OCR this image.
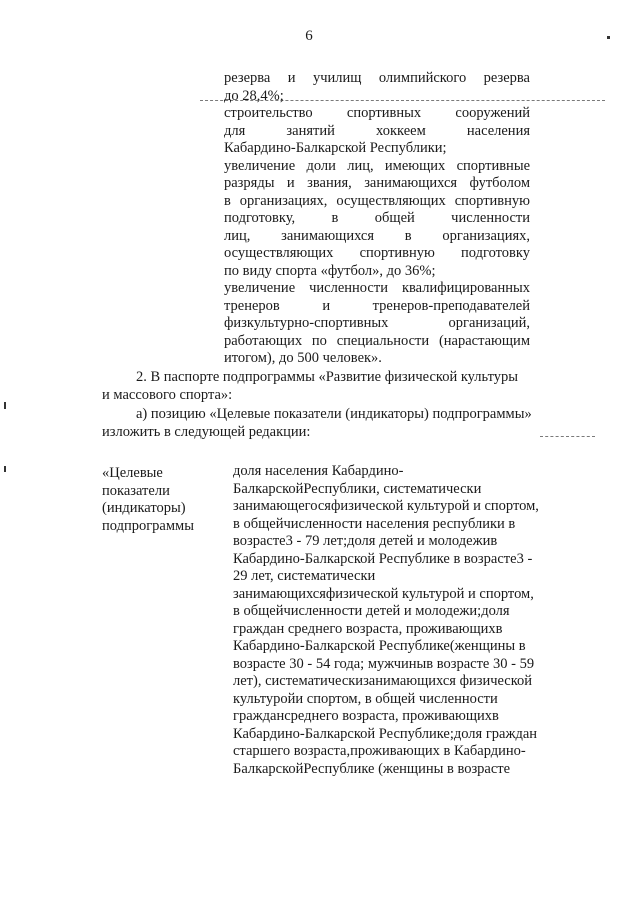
6
резерва и училищ олимпийского резерва
до 28,4%;
строительство спортивных сооружений
для занятий хоккеем населения
Кабардино-Балкарской Республики;
увеличение доли лиц, имеющих спортивные
разряды и звания, занимающихся футболом
в организациях, осуществляющих спортивную
подготовку, в общей численности
лиц, занимающихся в организациях,
осуществляющих спортивную подготовку
по виду спорта «футбол», до 36%;
увеличение численности квалифицированных
тренеров и тренеров-преподавателей
физкультурно-спортивных организаций,
работающих по специальности (нарастающим
итогом), до 500 человек».
2. В паспорте подпрограммы «Развитие физической культуры
и массового спорта»:
а) позицию «Целевые показатели (индикаторы) подпрограммы»
изложить в следующей редакции:
«Целевые
показатели
(индикаторы)
подпрограммы
доля населения Кабардино-БалкарскойРеспублики, систематически занимающегосяфизической культурой и спортом, в общейчисленности населения республики в возрасте3 - 79 лет;доля детей и молодежив Кабардино-Балкарской Республике в возрасте3 - 29 лет, систематически занимающихсяфизической культурой и спортом, в общейчисленности детей и молодежи;доля граждан среднего возраста, проживающихв Кабардино-Балкарской Республике(женщины в возрасте 30 - 54 года; мужчиныв возрасте 30 - 59 лет), систематическизанимающихся физической культуройи спортом, в общей численности граждансреднего возраста, проживающихв Кабардино-Балкарской Республике;доля граждан старшего возраста,проживающих в Кабардино-БалкарскойРеспублике (женщины в возрасте
